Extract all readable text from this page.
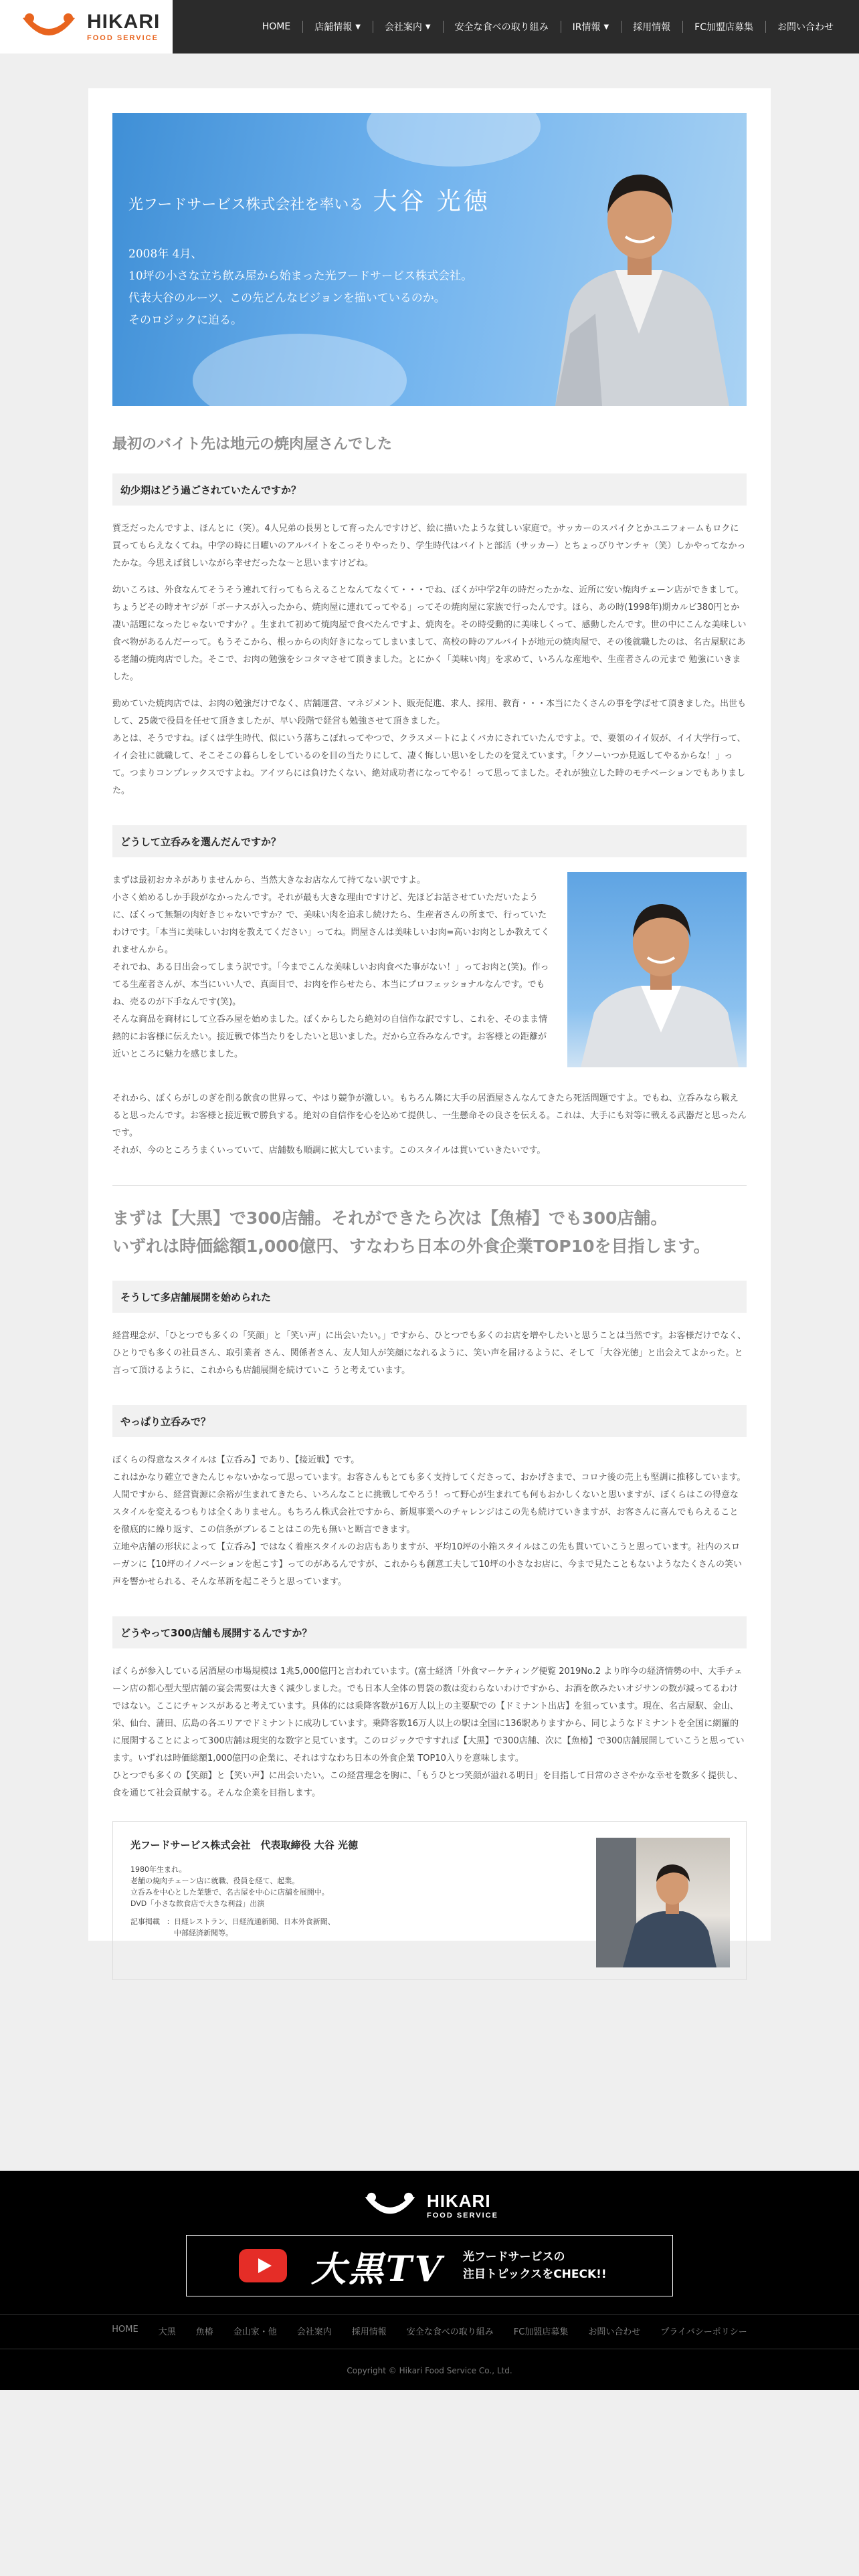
HIKARI
FOOD SERVICE
HOME	店舗情報 ▼	会社案内 ▼	安全な食べの取り組み	IR情報 ▼	採用情報	FC加盟店募集	お問い合わせ
光フードサービス株式会社を率いる 大谷 光徳
2008年 4月、
10坪の小さな立ち飲み屋から始まった光フードサービス株式会社。
代表大谷のルーツ、この先どんなビジョンを描いているのか。
そのロジックに迫る。
最初のバイト先は地元の焼肉屋さんでした
幼少期はどう過ごされていたんですか？

質乏だったんですよ、ほんとに（笑）。4人兄弟の長男として育ったんですけど、絵に描いたような貧しい家庭で。サッカーのスパイクとかユニフォームもロクに買ってもらえなくてね。中学の時に日曜いのアルバイトをこっそりやったり、学生時代はバイトと部活（サッカー）とちょっぴりヤンチャ（笑）しかやってなかったかな。今思えば貧しいながら幸せだったな～と思いますけどね。

幼いころは、外食なんてそうそう連れて行ってもらえることなんてなくて・・・でね、ぼくが中学2年の時だったかな、近所に安い焼肉チェーン店ができまして。ちょうどその時オヤジが「ボーナスが入ったから、焼肉屋に連れてってやる」ってその焼肉屋に家族で行ったんです。ほら、あの時(1998年)期カルビ380円とか凄い話題になったじゃないですか？。生まれて初めて焼肉屋で食べたんですよ、焼肉を。その時受動的に美味しくって、感動したんです。世の中にこんな美味しい食べ物があるんだーって。もうそこから、根っからの肉好きになってしまいまして、高校の時のアルバイトが地元の焼肉屋で、その後就職したのは、名古屋駅にある老舗の焼肉店でした。そこで、お肉の勉強をシコタマさせて頂きました。とにかく「美味い肉」を求めて、いろんな産地や、生産者さんの元まで 勉強にいきました。

勤めていた焼肉店では、お肉の勉強だけでなく、店舗運営、マネジメント、販売促進、求人、採用、教育・・・本当にたくさんの事を学ばせて頂きました。出世もして、25歳で役員を任せて頂きましたが、早い段階で経営も勉強させて頂きました。
あとは、そうですね。ぼくは学生時代、似にいう落ちこぼれってやつで、クラスメートによくバカにされていたんですよ。で、要領のイイ奴が、イイ大学行って、イイ会社に就職して、そこそこの暮らしをしているのを目の当たりにして、凄く悔しい思いをしたのを覚えています。「クソーいつか見返してやるからな！」って。つまりコンプレックスですよね。アイツらには負けたくない、絶対成功者になってやる！って思ってました。それが独立した時のモチベーションでもありました。

どうして立呑みを選んだんですか？

まずは最初おカネがありませんから、当然大きなお店なんて持てない訳ですよ。
小さく始めるしか手段がなかったんです。それが最も大きな理由ですけど、先ほどお話させていただいたように、ぼくって無類の肉好きじゃないですか？で、美味い肉を追求し続けたら、生産者さんの所まで、行っていたわけです。「本当に美味しいお肉を教えてください」ってね。問屋さんは美味しいお肉=高いお肉としか教えてくれませんから。
それでね、ある日出会ってしまう訳です。「今までこんな美味しいお肉食べた事がない！」ってお肉と(笑)。作ってる生産者さんが、本当にいい人で、真面目で、お肉を作らせたら、本当にプロフェッショナルなんです。でもね、売るのが下手なんです(笑)。
そんな商品を商材にして立呑み屋を始めました。ぼくからしたら絶対の自信作な訳ですし、これを、そのまま情熱的にお客様に伝えたい。接近戦で体当たりをしたいと思いました。だから立呑みなんです。お客様との距離が近いところに魅力を感じました。

それから、ぼくらがしのぎを削る飲食の世界って、やはり競争が激しい。もちろん隣に大手の居酒屋さんなんてきたら死活問題ですよ。でもね、立呑みなら戦えると思ったんです。お客様と接近戦で勝負する。絶対の自信作を心を込めて提供し、一生懸命その良さを伝える。これは、大手にも対等に戦える武器だと思ったんです。
それが、今のところうまくいっていて、店舗数も順調に拡大しています。このスタイルは貫いていきたいです。

まずは【大黒】で300店舗。それができたら次は【魚椿】でも300店舗。
いずれは時価総額1,000億円、すなわち日本の外食企業TOP10を目指します。
そうして多店舗展開を始められた

経営理念が、「ひとつでも多くの「笑顔」と「笑い声」に出会いたい。」ですから、ひとつでも多くのお店を増やしたいと思うことは当然です。お客様だけでなく、ひとりでも多くの社員さん、取引業者 さん、関係者さん、友人知人が笑顔になれるように、笑い声を届けるように、そして「大谷光徳」と出会えてよかった。と言って頂けるように、これからも店舗展開を続けていこ うと考えています。

やっぱり立呑みで？

ぼくらの得意なスタイルは【立呑み】であり、【接近戦】です。
これはかなり確立できたんじゃないかなって思っています。お客さんもとても多く支持してくださって、おかげさまで、コロナ後の売上も堅調に推移しています。人間ですから、経営資源に余裕が生まれてきたら、いろんなことに挑戦してやろう！って野心が生まれても何もおかしくないと思いますが、ぼくらはこの得意なスタイルを変えるつもりは全くありません。もちろん株式会社ですから、新規事業へのチャレンジはこの先も続けていきますが、お客さんに喜んでもらえることを徹底的に繰り返す、この信条がブレることはこの先も無いと断言できます。
立地や店舗の形状によって【立呑み】ではなく着座スタイルのお店もありますが、平均10坪の小箱スタイルはこの先も貫いていこうと思っています。社内のスローガンに【10坪のイノベーションを起こす】ってのがあるんですが、これからも創意工夫して10坪の小さなお店に、今まで見たこともないようなたくさんの笑い声を響かせられる、そんな革新を起こそうと思っています。

どうやって300店舗も展開するんですか？

ぼくらが参入している居酒屋の市場規模は 1兆5,000億円と言われています。(富士経済「外食マーケティング便覧 2019No.2 より昨今の経済情勢の中、大手チェーン店の都心型大型店舗の宴会需要は大きく減少しました。でも日本人全体の胃袋の数は変わらないわけですから、お酒を飲みたいオジサンの数が減ってるわけではない。ここにチャンスがあると考えています。具体的には乗降客数が16万人以上の主要駅での【ドミナント出店】を狙っています。現在、名古屋駅、金山、栄、仙台、蒲田、広島の各エリアでドミナントに成功しています。乗降客数16万人以上の駅は全国に136駅ありますから、同じようなドミナントを全国に網羅的に展開することによって300店舗は現実的な数字と見ています。このロジックですすれば【大黒】で300店舗、次に【魚椿】で300店舗展開していこうと思っています。いずれは時価総額1,000億円の企業に、それはすなわち日本の外食企業 TOP10入りを意味します。
ひとつでも多くの【笑顔】と【笑い声】に出会いたい。この経営理念を胸に、「もうひとつ笑顔が溢れる明日」を目指して日常のささやかな幸せを数多く提供し、食を通じて社会貢献する。そんな企業を目指します。

光フードサービス株式会社　代表取締役 大谷 光徳
1980年生まれ。
老舗の焼肉チェーン店に就職、役員を経て、起業。
立呑みを中心とした業態で、名古屋を中心に店舗を展開中。
DVD「小さな飲食店で大きな利益」出演
記事掲載 ：日経レストラン、日経流通新聞、日本外食新聞、
　中部経済新聞等。
HIKARI
FOOD SERVICE
大黒TV 光フードサービスの
注目トピックスをCHECK!!
HOME	大黒	魚椿	金山家・他	会社案内	採用情報	安全な食べの取り組み	FC加盟店募集	お問い合わせ	プライバシーポリシー
Copyright © Hikari Food Service Co., Ltd.
